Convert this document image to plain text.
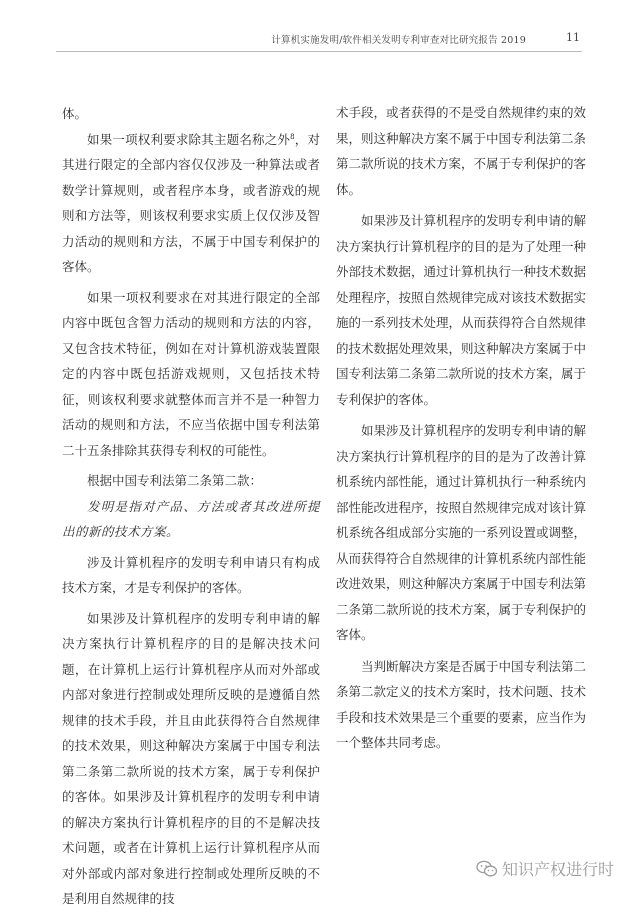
计算机实施发明/软件相关发明专利审查对比研究报告 2019	11

体。

如果一项权利要求除其主题名称之外$^8$，对其进行限定的全部内容仅仅涉及一种算法或者数学计算规则，或者程序本身，或者游戏的规则和方法等，则该权利要求实质上仅仅涉及智力活动的规则和方法，不属于中国专利保护的客体。

如果一项权利要求在对其进行限定的全部内容中既包含智力活动的规则和方法的内容，又包含技术特征，例如在对计算机游戏装置限定的内容中既包括游戏规则，又包括技术特征，则该权利要求就整体而言并不是一种智力活动的规则和方法，不应当依据中国专利法第二十五条排除其获得专利权的可能性。

根据中国专利法第二条第二款：

发明是指对产品、方法或者其改进所提出的新的技术方案。

涉及计算机程序的发明专利申请只有构成技术方案，才是专利保护的客体。

如果涉及计算机程序的发明专利申请的解决方案执行计算机程序的目的是解决技术问题，在计算机上运行计算机程序从而对外部或内部对象进行控制或处理所反映的是遵循自然规律的技术手段，并且由此获得符合自然规律的技术效果，则这种解决方案属于中国专利法第二条第二款所说的技术方案，属于专利保护的客体。如果涉及计算机程序的发明专利申请的解决方案执行计算机程序的目的不是解决技术问题，或者在计算机上运行计算机程序从而对外部或内部对象进行控制或处理所反映的不是利用自然规律的技

术手段，或者获得的不是受自然规律约束的效果，则这种解决方案不属于中国专利法第二条第二款所说的技术方案，不属于专利保护的客体。

如果涉及计算机程序的发明专利申请的解决方案执行计算机程序的目的是为了处理一种外部技术数据，通过计算机执行一种技术数据处理程序，按照自然规律完成对该技术数据实施的一系列技术处理，从而获得符合自然规律的技术数据处理效果，则这种解决方案属于中国专利法第二条第二款所说的技术方案，属于专利保护的客体。

如果涉及计算机程序的发明专利申请的解决方案执行计算机程序的目的是为了改善计算机系统内部性能，通过计算机执行一种系统内部性能改进程序，按照自然规律完成对该计算机系统各组成部分实施的一系列设置或调整，从而获得符合自然规律的计算机系统内部性能改进效果，则这种解决方案属于中国专利法第二条第二款所说的技术方案，属于专利保护的客体。

当判断解决方案是否属于中国专利法第二条第二款定义的技术方案时，技术问题、技术手段和技术效果是三个重要的要素，应当作为一个整体共同考虑。

知识产权进行时
